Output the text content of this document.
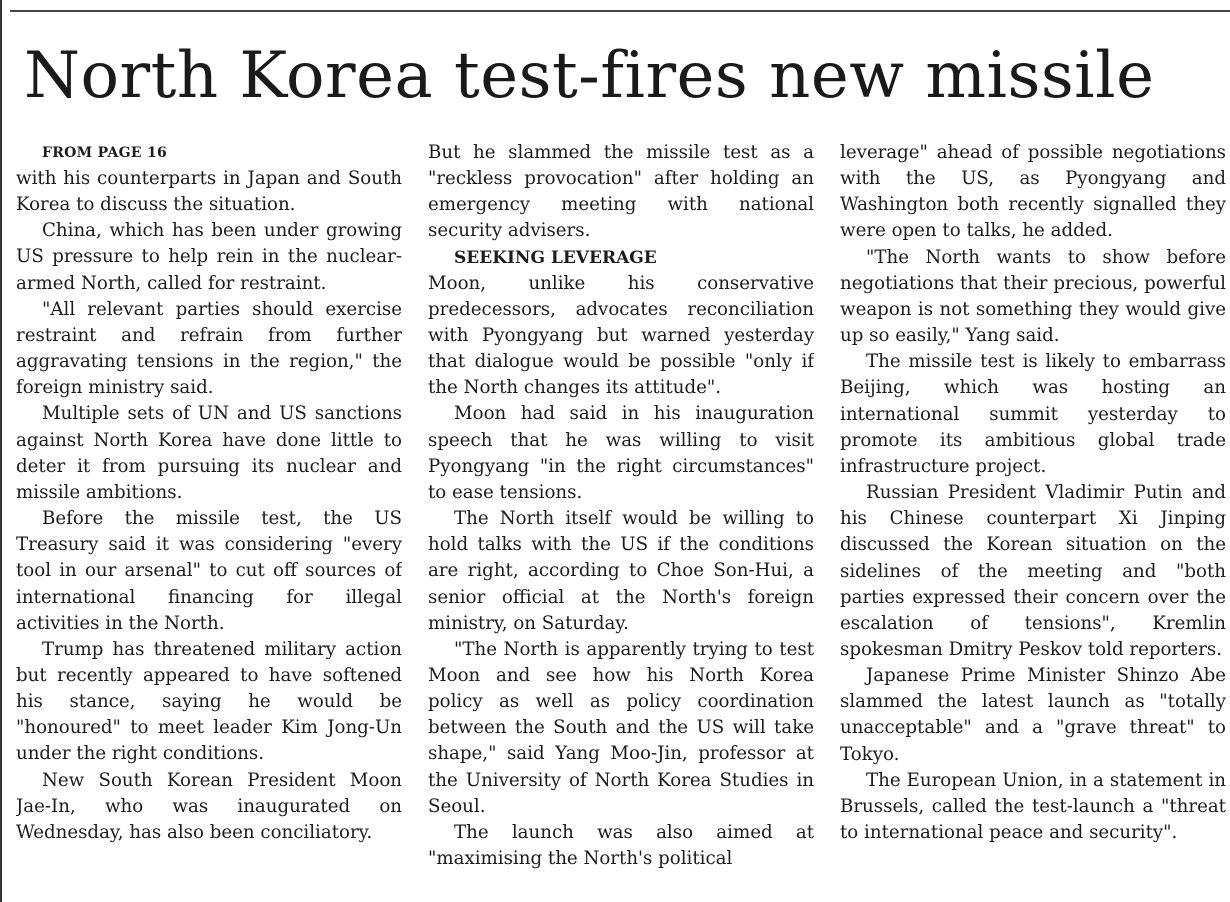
North Korea test-fires new missile

FROM PAGE 16

with his counterparts in Japan and South Korea to discuss the situation.

China, which has been under growing US pressure to help rein in the nuclear-armed North, called for restraint.

"All relevant parties should exercise restraint and refrain from further aggravating tensions in the region," the foreign ministry said.

Multiple sets of UN and US sanctions against North Korea have done little to deter it from pursuing its nuclear and missile ambitions.

Before the missile test, the US Treasury said it was considering "every tool in our arsenal" to cut off sources of international financing for illegal activities in the North.

Trump has threatened military action but recently appeared to have softened his stance, saying he would be "honoured" to meet leader Kim Jong-Un under the right conditions.

New South Korean President Moon Jae-In, who was inaugurated on Wednesday, has also been conciliatory.

But he slammed the missile test as a "reckless provocation" after holding an emergency meeting with national security advisers.

SEEKING LEVERAGE

Moon, unlike his conservative predecessors, advocates reconciliation with Pyongyang but warned yesterday that dialogue would be possible "only if the North changes its attitude".

Moon had said in his inauguration speech that he was willing to visit Pyongyang "in the right circumstances" to ease tensions.

The North itself would be willing to hold talks with the US if the conditions are right, according to Choe Son-Hui, a senior official at the North's foreign ministry, on Saturday.

"The North is apparently trying to test Moon and see how his North Korea policy as well as policy coordination between the South and the US will take shape," said Yang Moo-Jin, professor at the University of North Korea Studies in Seoul.

The launch was also aimed at "maximising the North's political

leverage" ahead of possible negotiations with the US, as Pyongyang and Washington both recently signalled they were open to talks, he added.

"The North wants to show before negotiations that their precious, powerful weapon is not something they would give up so easily," Yang said.

The missile test is likely to embarrass Beijing, which was hosting an international summit yesterday to promote its ambitious global trade infrastructure project.

Russian President Vladimir Putin and his Chinese counterpart Xi Jinping discussed the Korean situation on the sidelines of the meeting and "both parties expressed their concern over the escalation of tensions", Kremlin spokesman Dmitry Peskov told reporters.

Japanese Prime Minister Shinzo Abe slammed the latest launch as "totally unacceptable" and a "grave threat" to Tokyo.

The European Union, in a statement in Brussels, called the test-launch a "threat to international peace and security".
